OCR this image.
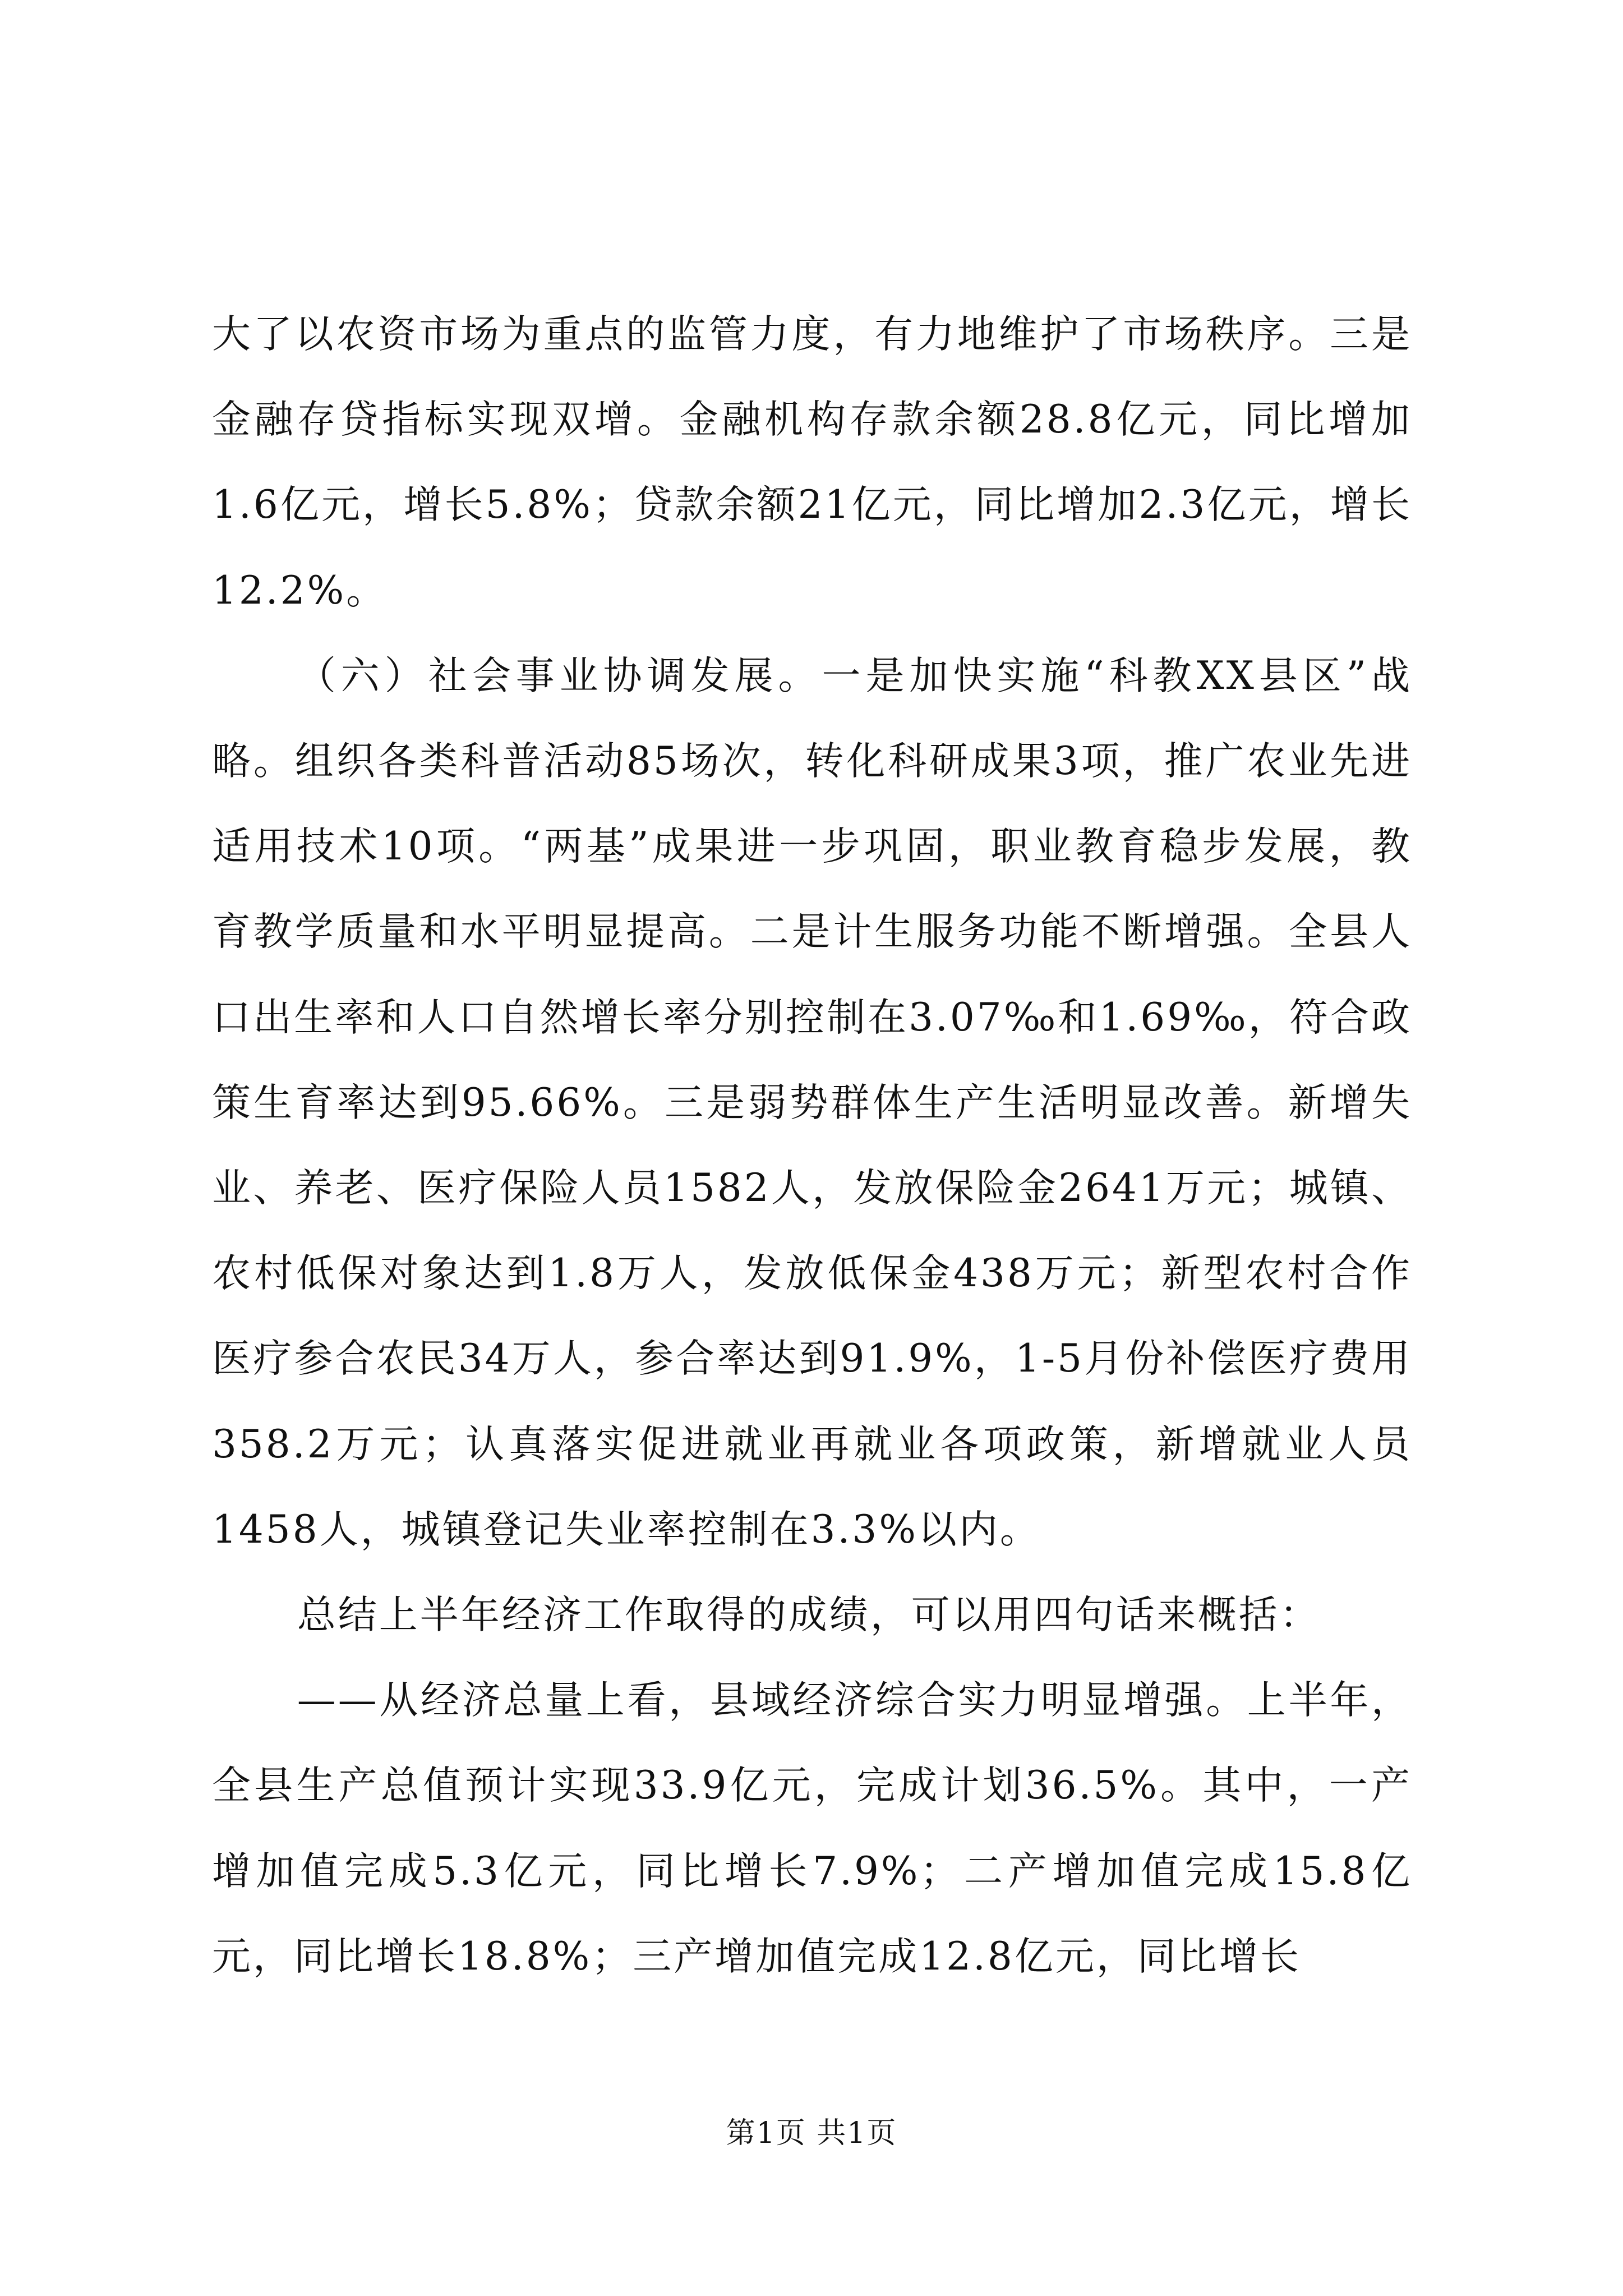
大了以农资市场为重点的监管力度，有力地维护了市场秩序。三是金融存贷指标实现双增。金融机构存款余额28.8亿元，同比增加1.6亿元，增长5.8%；贷款余额21亿元，同比增加2.3亿元，增长12.2%。

（六）社会事业协调发展。一是加快实施“科教XX县区”战略。组织各类科普活动85场次，转化科研成果3项，推广农业先进适用技术10项。“两基”成果进一步巩固，职业教育稳步发展，教育教学质量和水平明显提高。二是计生服务功能不断增强。全县人口出生率和人口自然增长率分别控制在3.07‰和1.69‰，符合政策生育率达到95.66%。三是弱势群体生产生活明显改善。新增失业、养老、医疗保险人员1582人，发放保险金2641万元；城镇、农村低保对象达到1.8万人，发放低保金438万元；新型农村合作医疗参合农民34万人，参合率达到91.9%，1-5月份补偿医疗费用358.2万元；认真落实促进就业再就业各项政策，新增就业人员1458人，城镇登记失业率控制在3.3%以内。

总结上半年经济工作取得的成绩，可以用四句话来概括：

——从经济总量上看，县域经济综合实力明显增强。上半年，全县生产总值预计实现33.9亿元，完成计划36.5%。其中，一产增加值完成5.3亿元，同比增长7.9%；二产增加值完成15.8亿元，同比增长18.8%；三产增加值完成12.8亿元，同比增长

第1页 共1页
